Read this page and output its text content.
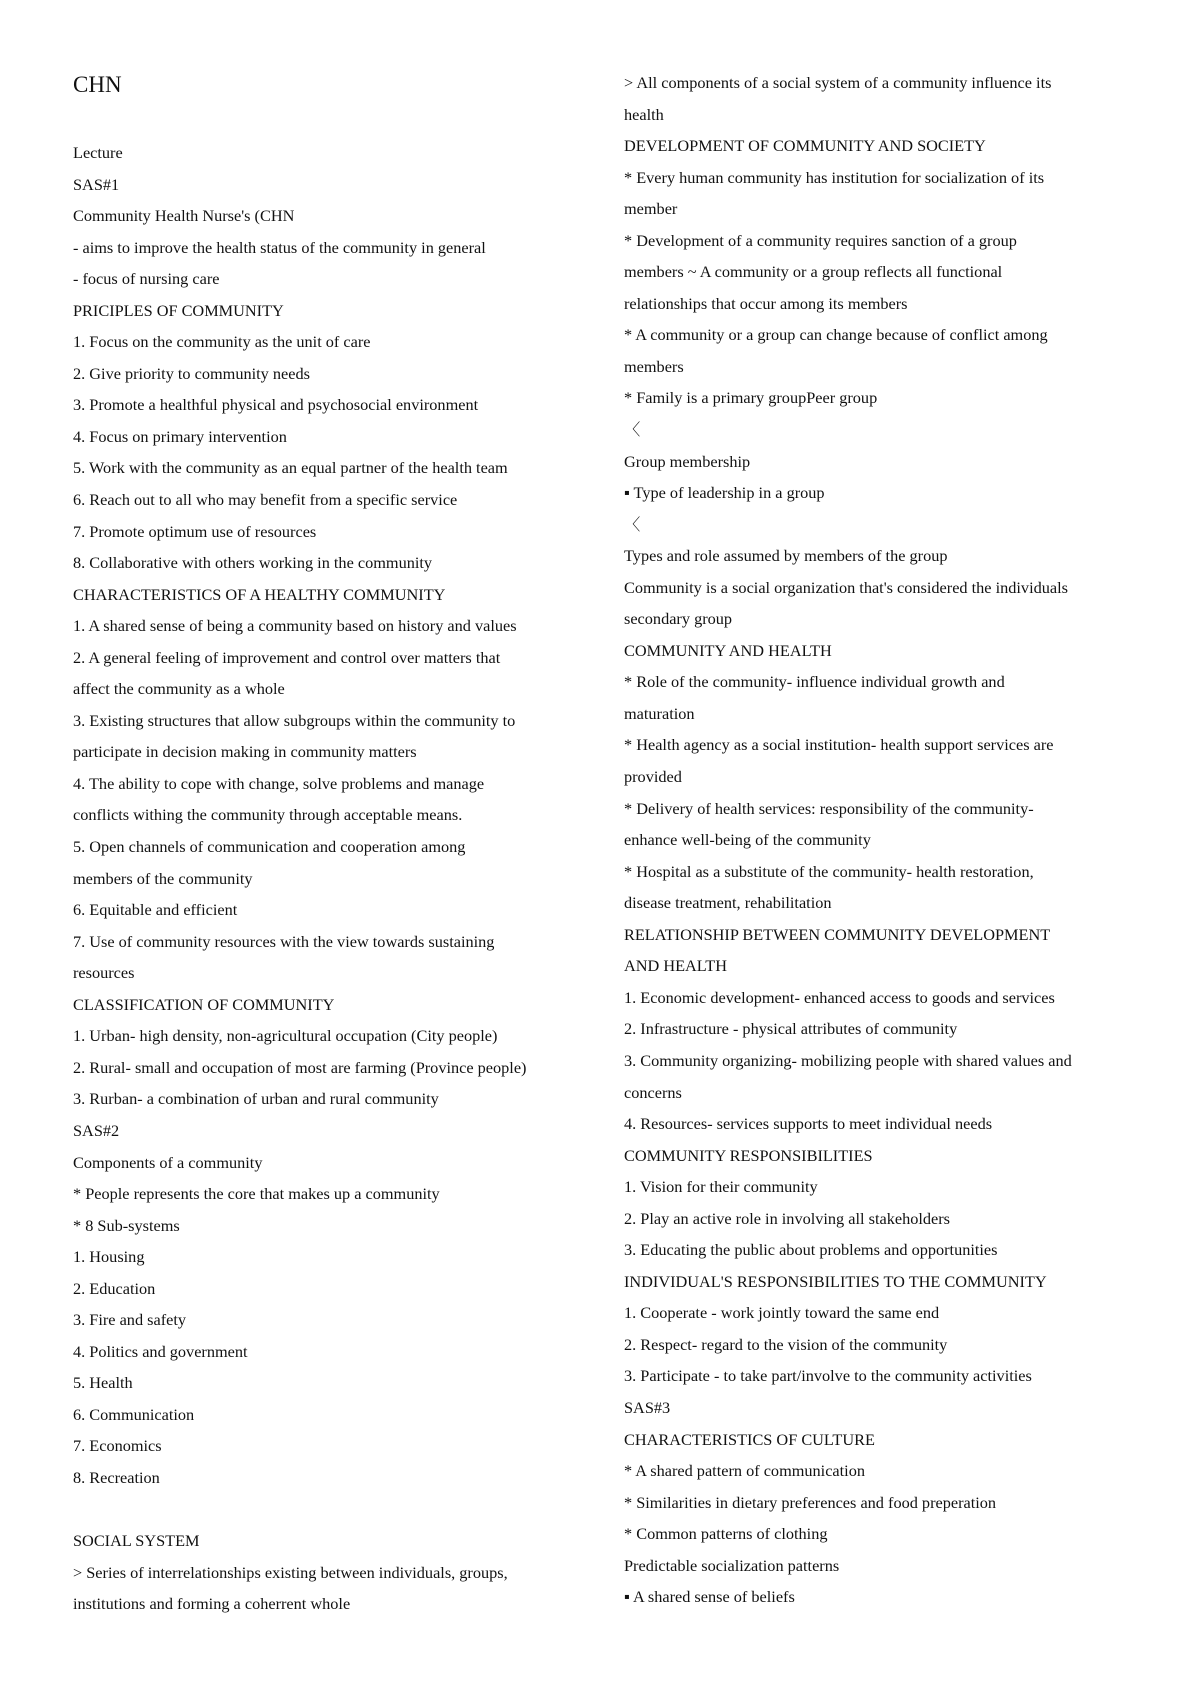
CHN
Lecture
SAS#1
Community Health Nurse's (CHN
- aims to improve the health status of the community in general
- focus of nursing care
PRICIPLES OF COMMUNITY
1. Focus on the community as the unit of care
2. Give priority to community needs
3. Promote a healthful physical and psychosocial environment
4. Focus on primary intervention
5. Work with the community as an equal partner of the health team
6. Reach out to all who may benefit from a specific service
7. Promote optimum use of resources
8. Collaborative with others working in the community
CHARACTERISTICS OF A HEALTHY COMMUNITY
1. A shared sense of being a community based on history and values
2. A general feeling of improvement and control over matters that
affect the community as a whole
3. Existing structures that allow subgroups within the community to
participate in decision making in community matters
4. The ability to cope with change, solve problems and manage
conflicts withing the community through acceptable means.
5. Open channels of communication and cooperation among
members of the community
6. Equitable and efficient
7. Use of community resources with the view towards sustaining
resources
CLASSIFICATION OF COMMUNITY
1. Urban- high density, non-agricultural occupation (City people)
2. Rural- small and occupation of most are farming (Province people)
3. Rurban- a combination of urban and rural community
SAS#2
Components of a community
* People represents the core that makes up a community
* 8 Sub-systems
1. Housing
2. Education
3. Fire and safety
4. Politics and government
5. Health
6. Communication
7. Economics
8. Recreation
SOCIAL SYSTEM
> Series of interrelationships existing between individuals, groups,
institutions and forming a coherrent whole
> All components of a social system of a community influence its
health
DEVELOPMENT OF COMMUNITY AND SOCIETY
* Every human community has institution for socialization of its
member
* Development of a community requires sanction of a group
members ~ A community or a group reflects all functional
relationships that occur among its members
* A community or a group can change because of conflict among
members
* Family is a primary groupPeer group
〈
Group membership
▪ Type of leadership in a group
〈
Types and role assumed by members of the group
Community is a social organization that's considered the individuals
secondary group
COMMUNITY AND HEALTH
* Role of the community- influence individual growth and
maturation
* Health agency as a social institution- health support services are
provided
* Delivery of health services: responsibility of the community-
enhance well-being of the community
* Hospital as a substitute of the community- health restoration,
disease treatment, rehabilitation
RELATIONSHIP BETWEEN COMMUNITY DEVELOPMENT
AND HEALTH
1. Economic development- enhanced access to goods and services
2. Infrastructure - physical attributes of community
3. Community organizing- mobilizing people with shared values and
concerns
4. Resources- services supports to meet individual needs
COMMUNITY RESPONSIBILITIES
1. Vision for their community
2. Play an active role in involving all stakeholders
3. Educating the public about problems and opportunities
INDIVIDUAL'S RESPONSIBILITIES TO THE COMMUNITY
1. Cooperate - work jointly toward the same end
2. Respect- regard to the vision of the community
3. Participate - to take part/involve to the community activities
SAS#3
CHARACTERISTICS OF CULTURE
* A shared pattern of communication
* Similarities in dietary preferences and food preperation
* Common patterns of clothing
Predictable socialization patterns
▪ A shared sense of beliefs
